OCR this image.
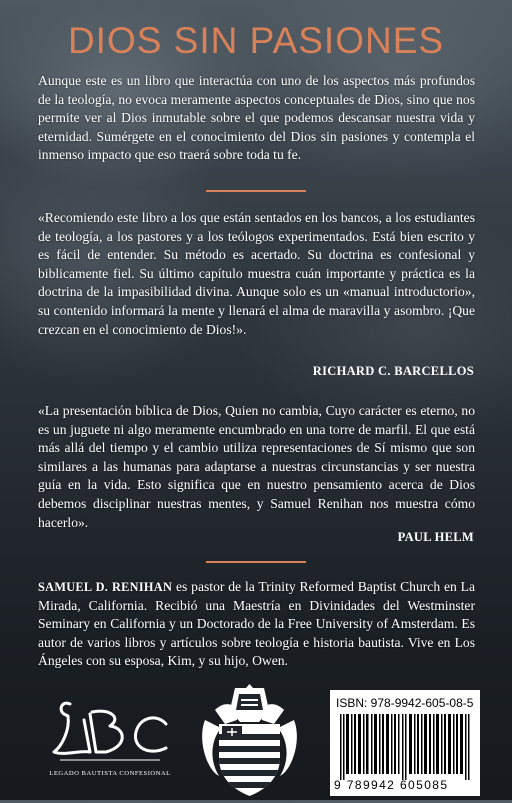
DIOS SIN PASIONES

Aunque este es un libro que interactúa con uno de los aspectos más profundos de la teología, no evoca meramente aspectos conceptuales de Dios, sino que nos permite ver al Dios inmutable sobre el que podemos descansar nuestra vida y eternidad. Sumérgete en el conocimiento del Dios sin pasiones y contempla el inmenso impacto que eso traerá sobre toda tu fe.

«Recomiendo este libro a los que están sentados en los bancos, a los estudiantes de teología, a los pastores y a los teólogos experimentados. Está bien escrito y es fácil de entender. Su método es acertado. Su doctrina es confesional y biblicamente fiel. Su último capítulo muestra cuán importante y práctica es la doctrina de la impasibilidad divina. Aunque solo es un «manual introductorio», su contenido informará la mente y llenará el alma de maravilla y asombro. ¡Que crezcan en el conocimiento de Dios!».

RICHARD C. BARCELLOS

«La presentación bíblica de Dios, Quien no cambia, Cuyo carácter es eterno, no es un juguete ni algo meramente encumbrado en una torre de marfil. El que está más allá del tiempo y el cambio utiliza representaciones de Sí mismo que son similares a las humanas para adaptarse a nuestras circunstancias y ser nuestra guía en la vida. Esto significa que en nuestro pensamiento acerca de Dios debemos disciplinar nuestras mentes, y Samuel Renihan nos muestra cómo hacerlo».

PAUL HELM

SAMUEL D. RENIHAN es pastor de la Trinity Reformed Baptist Church en La Mirada, California. Recibió una Maestría en Divinidades del Westminster Seminary en California y un Doctorado de la Free University of Amsterdam. Es autor de varios libros y artículos sobre teología e historia bautista. Vive en Los Ángeles con su esposa, Kim, y su hijo, Owen.

LEGADO BAUTISTA CONFESIONAL
ISBN: 978-9942-605-08-5
9 789942 605085
